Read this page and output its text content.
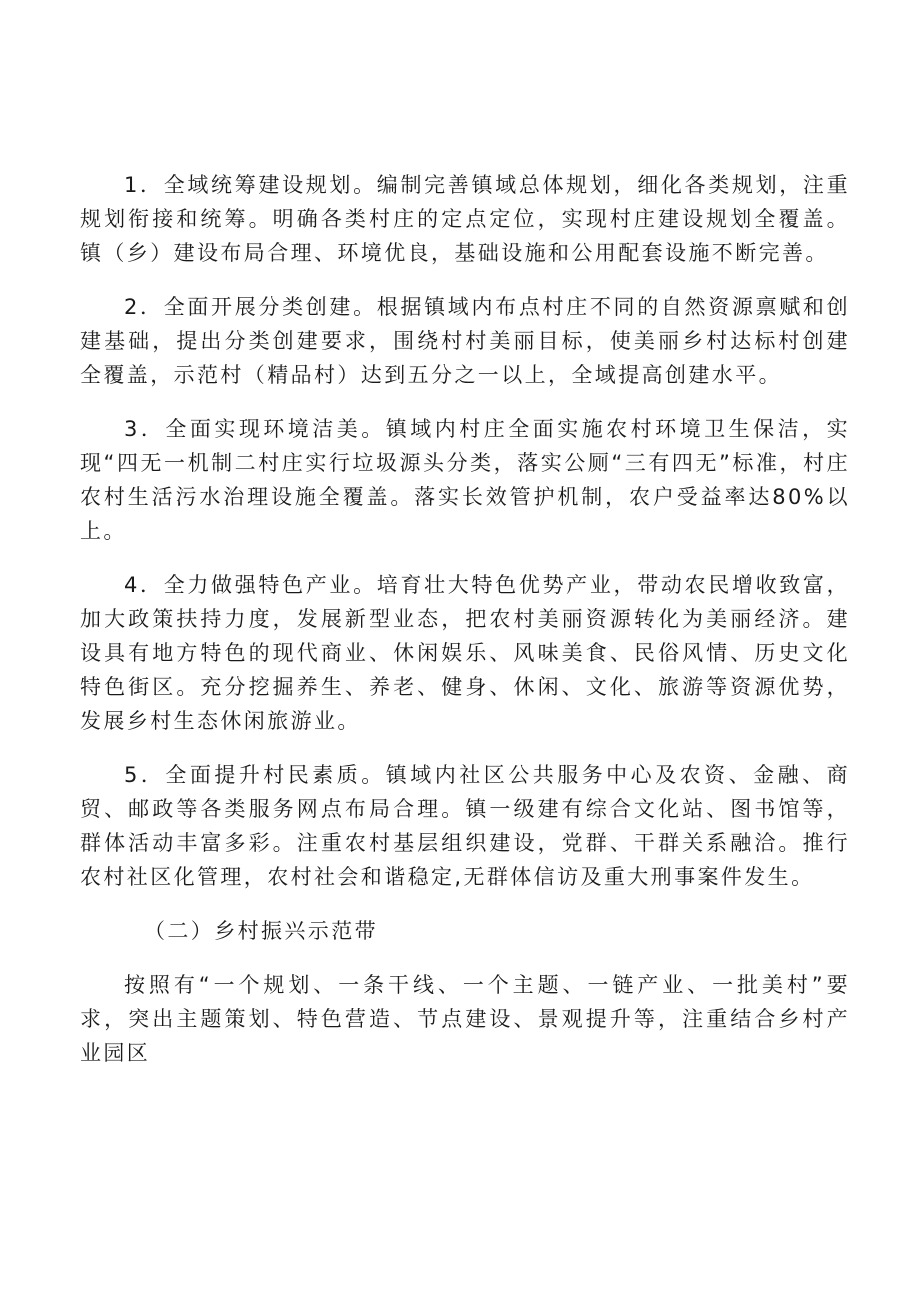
1．全域统筹建设规划。编制完善镇域总体规划，细化各类规划，注重规划衔接和统筹。明确各类村庄的定点定位，实现村庄建设规划全覆盖。镇（乡）建设布局合理、环境优良，基础设施和公用配套设施不断完善。

2．全面开展分类创建。根据镇域内布点村庄不同的自然资源禀赋和创建基础，提出分类创建要求，围绕村村美丽目标，使美丽乡村达标村创建全覆盖，示范村（精品村）达到五分之一以上，全域提高创建水平。

3．全面实现环境洁美。镇域内村庄全面实施农村环境卫生保洁，实现“四无一机制二村庄实行垃圾源头分类，落实公厕“三有四无”标准，村庄农村生活污水治理设施全覆盖。落实长效管护机制，农户受益率达80%以上。

4．全力做强特色产业。培育壮大特色优势产业，带动农民增收致富，加大政策扶持力度，发展新型业态，把农村美丽资源转化为美丽经济。建设具有地方特色的现代商业、休闲娱乐、风味美食、民俗风情、历史文化特色街区。充分挖掘养生、养老、健身、休闲、文化、旅游等资源优势，发展乡村生态休闲旅游业。

5．全面提升村民素质。镇域内社区公共服务中心及农资、金融、商贸、邮政等各类服务网点布局合理。镇一级建有综合文化站、图书馆等，群体活动丰富多彩。注重农村基层组织建设，党群、干群关系融洽。推行农村社区化管理，农村社会和谐稳定,无群体信访及重大刑事案件发生。

（二）乡村振兴示范带

按照有“一个规划、一条干线、一个主题、一链产业、一批美村”要求，突出主题策划、特色营造、节点建设、景观提升等，注重结合乡村产业园区
